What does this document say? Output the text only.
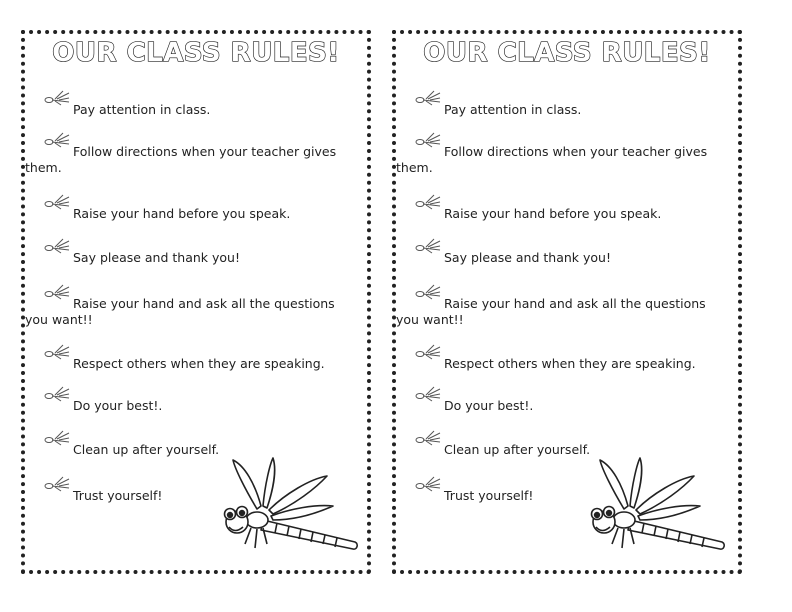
OUR CLASS RULES!
Pay attention in class.
Follow directions when your teacher gives them.
Raise your hand before you speak.
Say please and thank you!
Raise your hand and ask all the questions you want!!
Respect others when they are speaking.
Do your best!.
Clean up after yourself.
Trust yourself!
OUR CLASS RULES!
Pay attention in class.
Follow directions when your teacher gives them.
Raise your hand before you speak.
Say please and thank you!
Raise your hand and ask all the questions you want!!
Respect others when they are speaking.
Do your best!.
Clean up after yourself.
Trust yourself!
